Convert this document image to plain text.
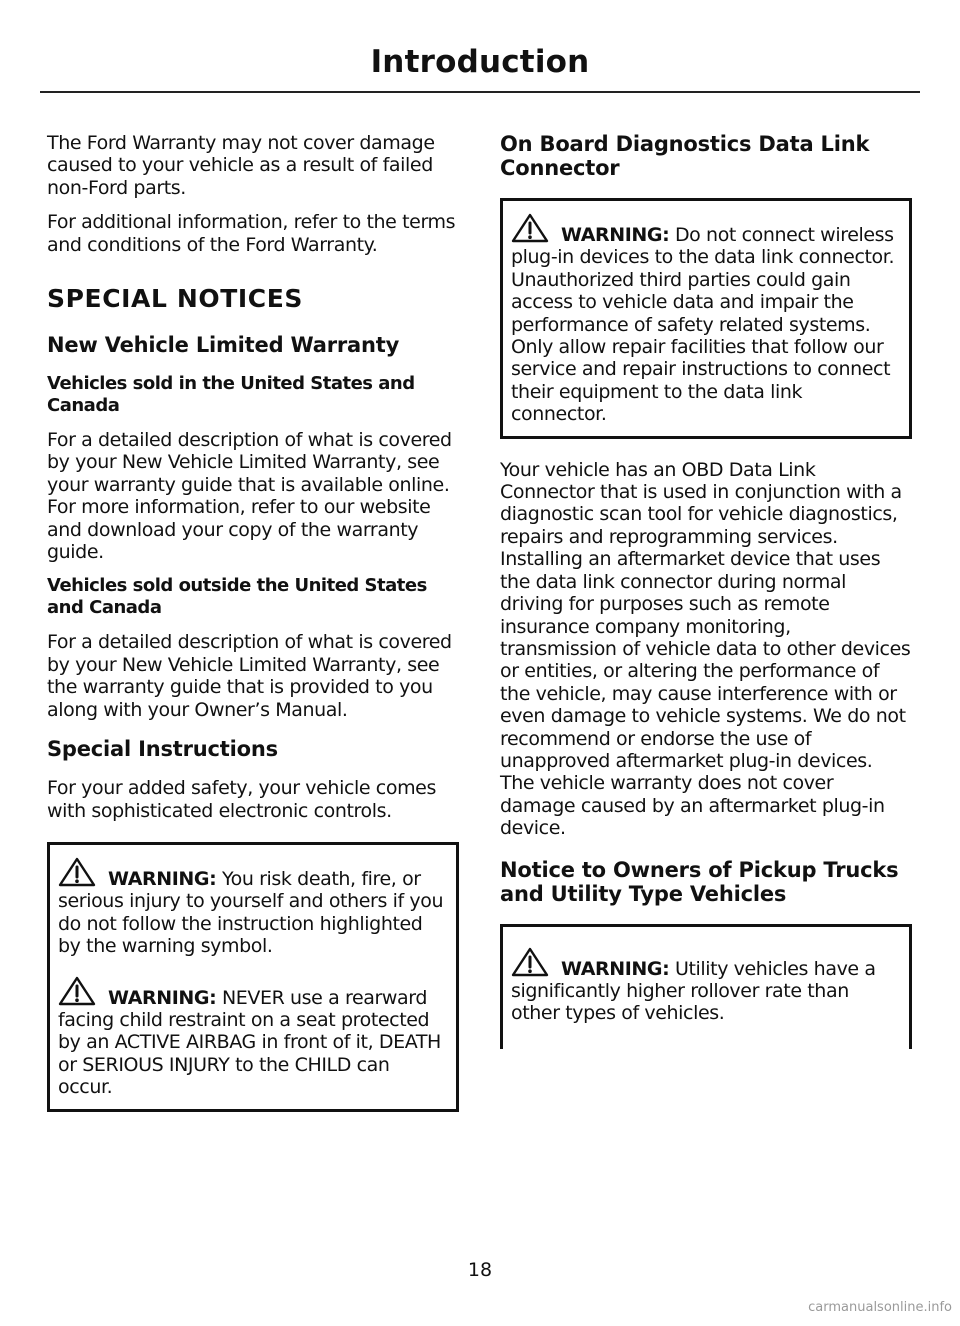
Introduction

The Ford Warranty may not cover damage caused to your vehicle as a result of failed non-Ford parts.

For additional information, refer to the terms and conditions of the Ford Warranty.

SPECIAL NOTICES
New Vehicle Limited Warranty
Vehicles sold in the United States and Canada

For a detailed description of what is covered by your New Vehicle Limited Warranty, see your warranty guide that is available online. For more information, refer to our website and download your copy of the warranty guide.

Vehicles sold outside the United States and Canada

For a detailed description of what is covered by your New Vehicle Limited Warranty, see the warranty guide that is provided to you along with your Owner’s Manual.

Special Instructions

For your added safety, your vehicle comes with sophisticated electronic controls.

WARNING: You risk death, fire, or serious injury to yourself and others if you do not follow the instruction highlighted by the warning symbol.
WARNING: NEVER use a rearward facing child restraint on a seat protected by an ACTIVE AIRBAG in front of it, DEATH or SERIOUS INJURY to the CHILD can occur.
On Board Diagnostics Data Link Connector
WARNING: Do not connect wireless plug-in devices to the data link connector. Unauthorized third parties could gain access to vehicle data and impair the performance of safety related systems. Only allow repair facilities that follow our service and repair instructions to connect their equipment to the data link connector.

Your vehicle has an OBD Data Link Connector that is used in conjunction with a diagnostic scan tool for vehicle diagnostics, repairs and reprogramming services. Installing an aftermarket device that uses the data link connector during normal driving for purposes such as remote insurance company monitoring, transmission of vehicle data to other devices or entities, or altering the performance of the vehicle, may cause interference with or even damage to vehicle systems. We do not recommend or endorse the use of unapproved aftermarket plug-in devices. The vehicle warranty does not cover damage caused by an aftermarket plug-in device.

Notice to Owners of Pickup Trucks and Utility Type Vehicles
WARNING: Utility vehicles have a significantly higher rollover rate than other types of vehicles.
18
carmanualsonline.info
